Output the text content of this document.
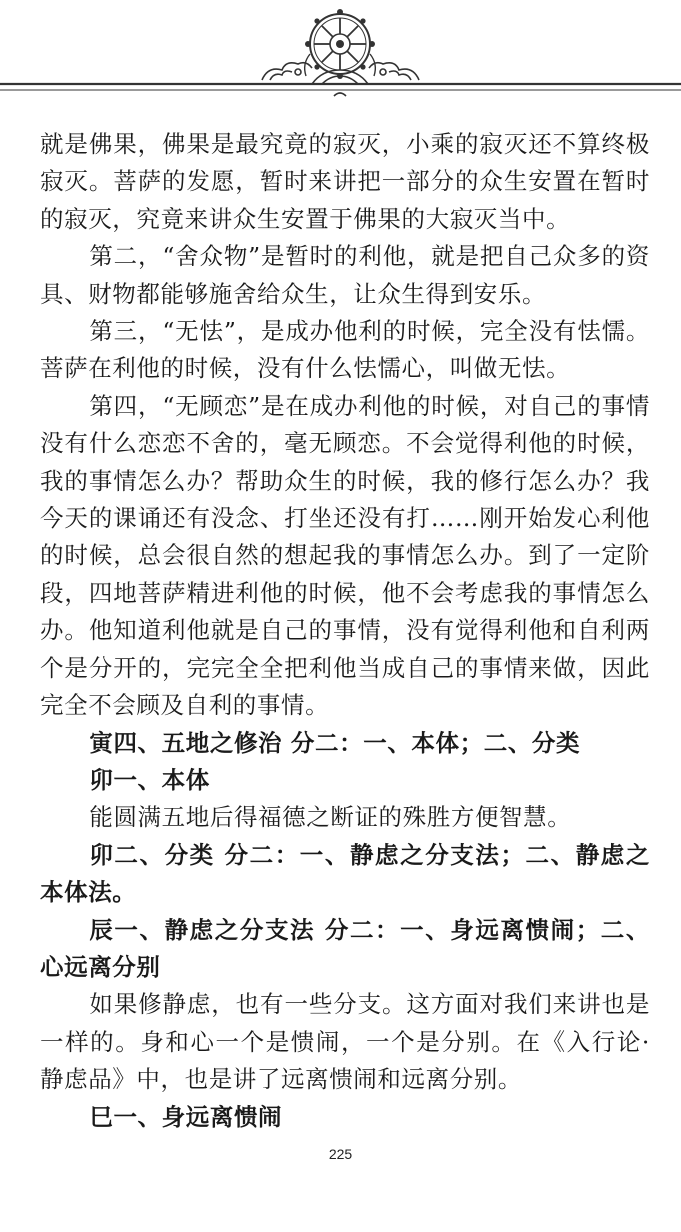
就是佛果，佛果是最究竟的寂灭，小乘的寂灭还不算终极寂灭。菩萨的发愿，暂时来讲把一部分的众生安置在暂时的寂灭，究竟来讲众生安置于佛果的大寂灭当中。

第二，“舍众物”是暂时的利他，就是把自己众多的资具、财物都能够施舍给众生，让众生得到安乐。

第三，“无怯”，是成办他利的时候，完全没有怯懦。菩萨在利他的时候，没有什么怯懦心，叫做无怯。

第四，“无顾恋”是在成办利他的时候，对自己的事情没有什么恋恋不舍的，毫无顾恋。不会觉得利他的时候，我的事情怎么办？帮助众生的时候，我的修行怎么办？我今天的课诵还有没念、打坐还没有打……刚开始发心利他的时候，总会很自然的想起我的事情怎么办。到了一定阶段，四地菩萨精进利他的时候，他不会考虑我的事情怎么办。他知道利他就是自己的事情，没有觉得利他和自利两个是分开的，完完全全把利他当成自己的事情来做，因此完全不会顾及自利的事情。

寅四、五地之修治 分二：一、本体；二、分类

卯一、本体

能圆满五地后得福德之断证的殊胜方便智慧。

卯二、分类 分二：一、静虑之分支法；二、静虑之本体法。

辰一、静虑之分支法 分二：一、身远离愦闹；二、心远离分别

如果修静虑，也有一些分支。这方面对我们来讲也是一样的。身和心一个是愦闹，一个是分别。在《入行论·静虑品》中，也是讲了远离愦闹和远离分别。

巳一、身远离愦闹

225
